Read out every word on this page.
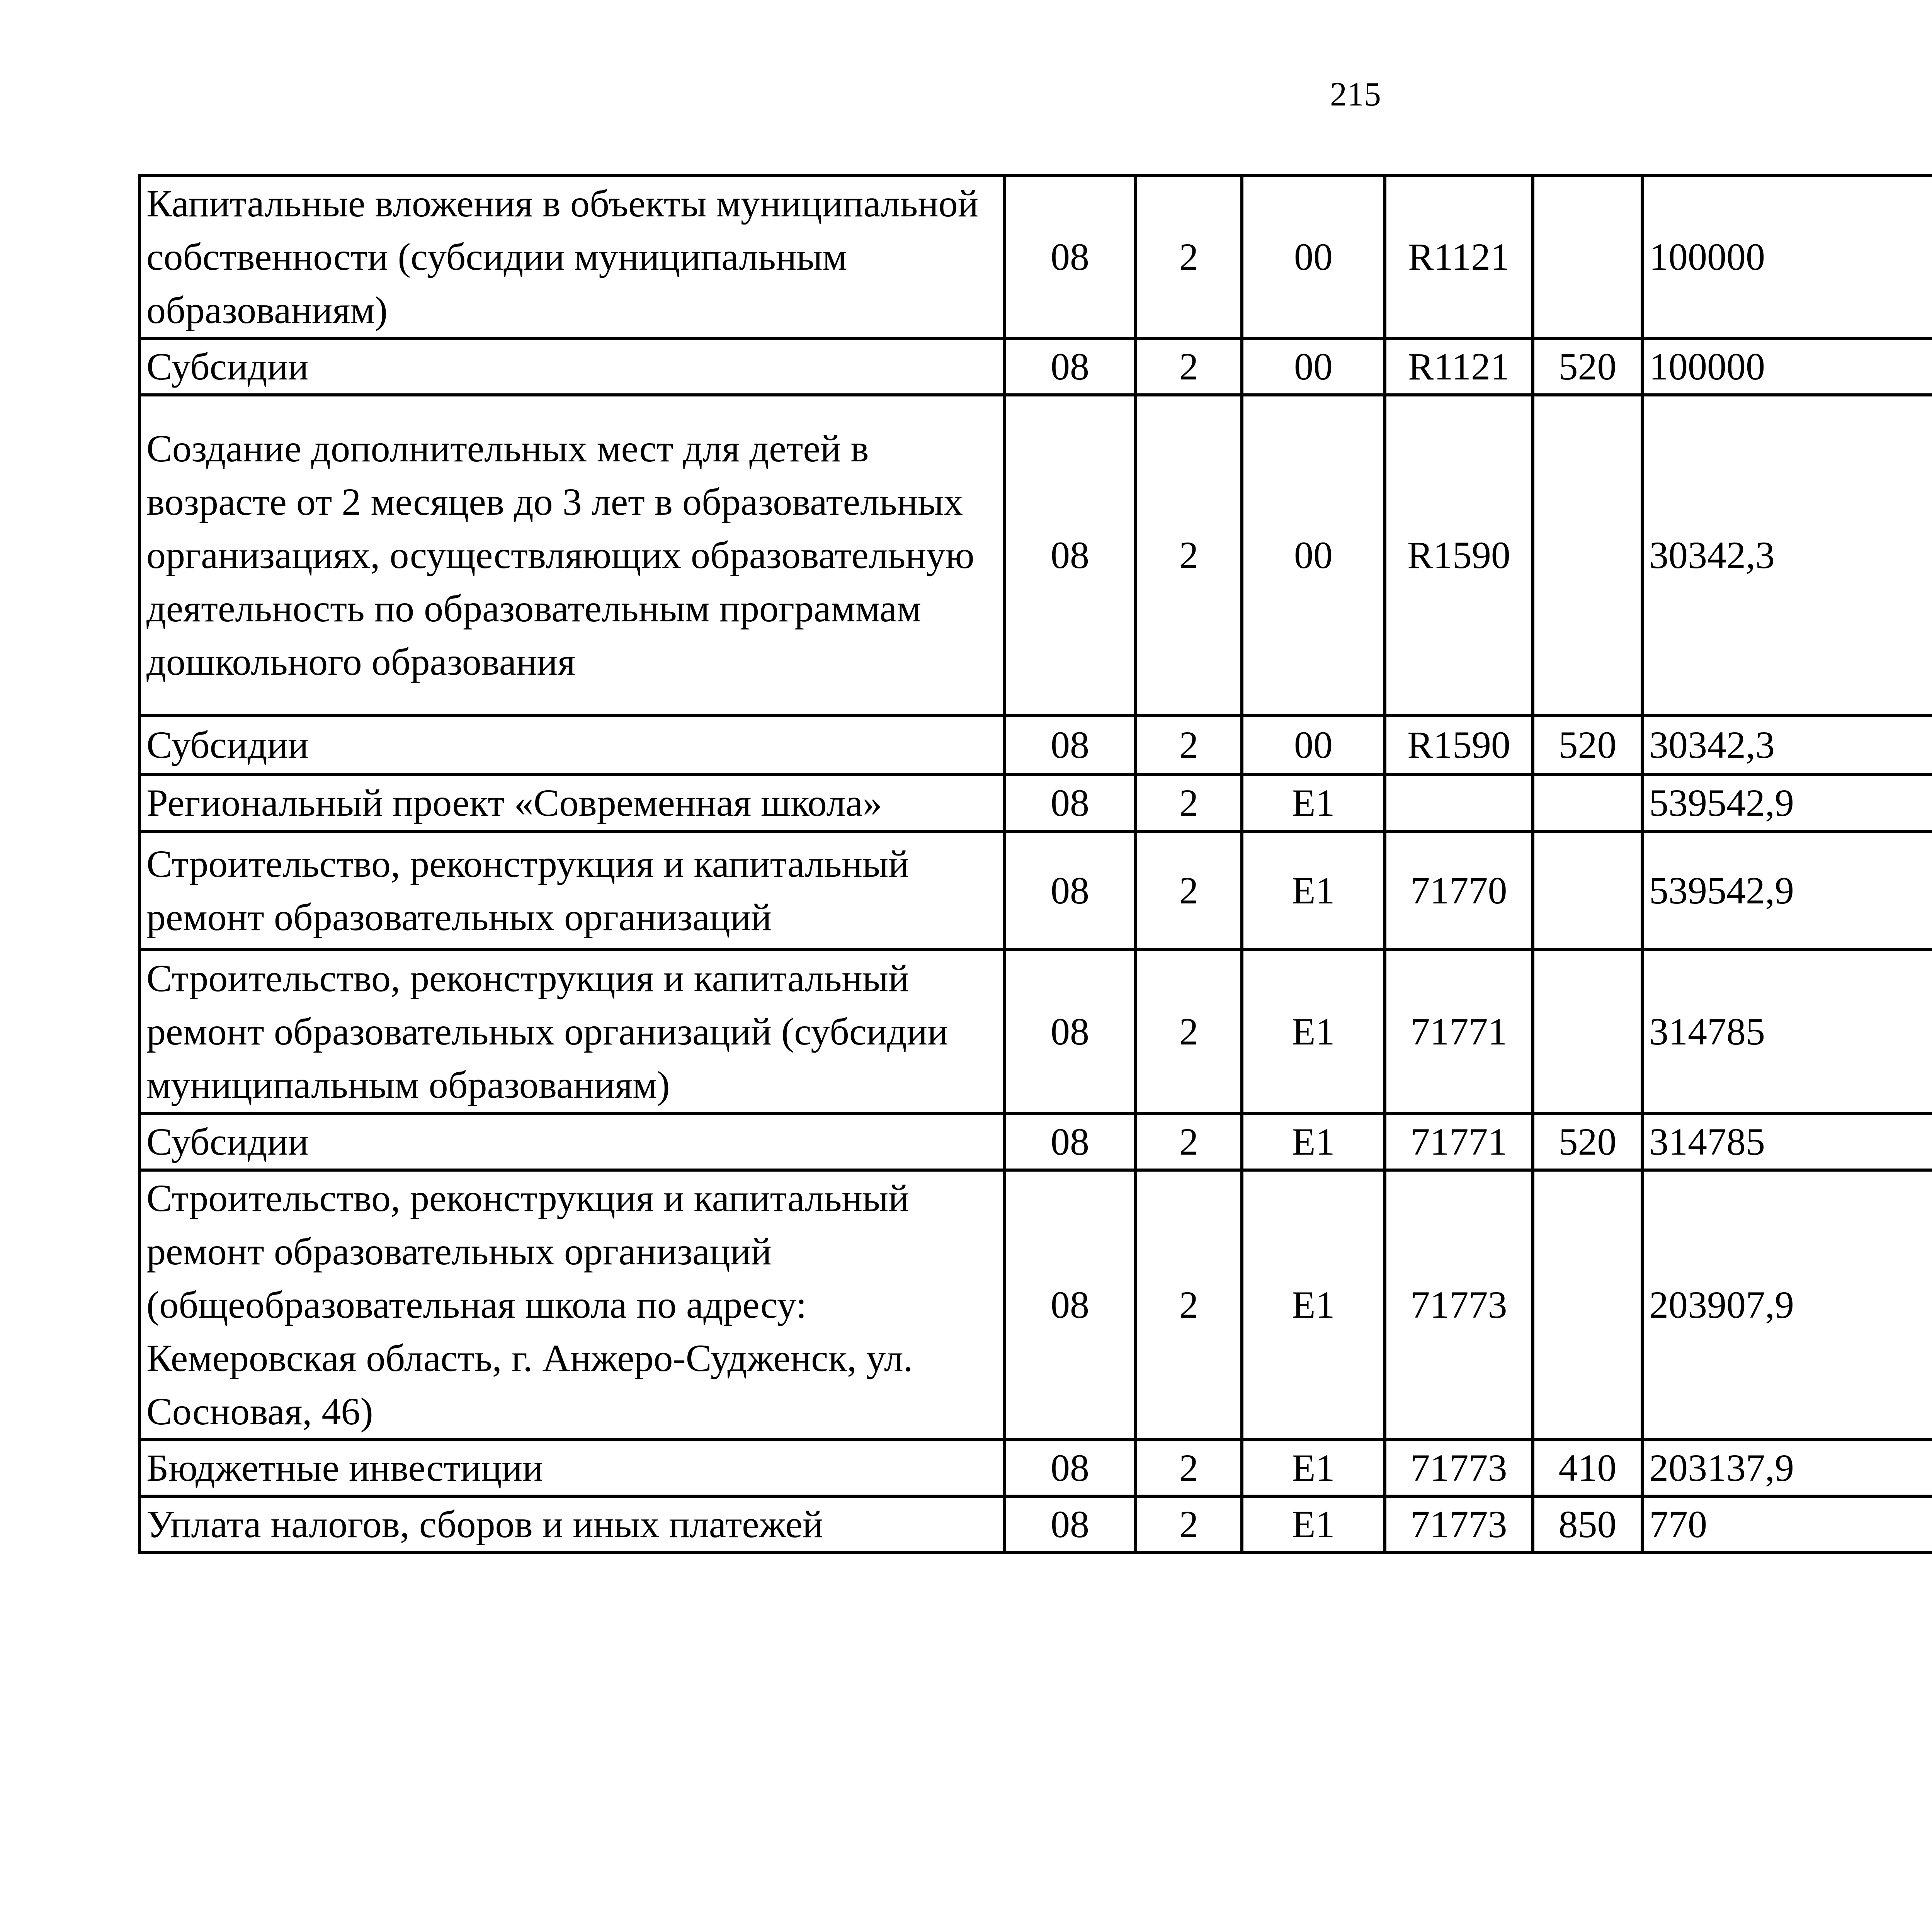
215
Капитальные вложения в объекты муниципальной собственности (субсидии муниципальным образованиям)	08	2	00	R1121		100000		
Субсидии	08	2	00	R1121	520	100000		
Создание дополнительных мест для детей в возрасте от 2 месяцев до 3 лет в образовательных организациях, осуществляющих образовательную деятельность по образовательным программам дошкольного образования	08	2	00	R1590		30342,3		
Субсидии	08	2	00	R1590	520	30342,3		
Региональный проект «Современная школа»	08	2	E1			539542,9		
Строительство, реконструкция и капитальный ремонт образовательных организаций	08	2	E1	71770		539542,9		
Строительство, реконструкция и капитальный ремонт образовательных организаций (субсидии муниципальным образованиям)	08	2	E1	71771		314785		
Субсидии	08	2	E1	71771	520	314785		
Строительство, реконструкция и капитальный ремонт образовательных организаций (общеобразовательная школа по адресу: Кемеровская область, г. Анжеро-Судженск, ул. Сосновая, 46)	08	2	E1	71773		203907,9		
Бюджетные инвестиции	08	2	E1	71773	410	203137,9		
Уплата налогов, сборов и иных платежей	08	2	E1	71773	850	770		
